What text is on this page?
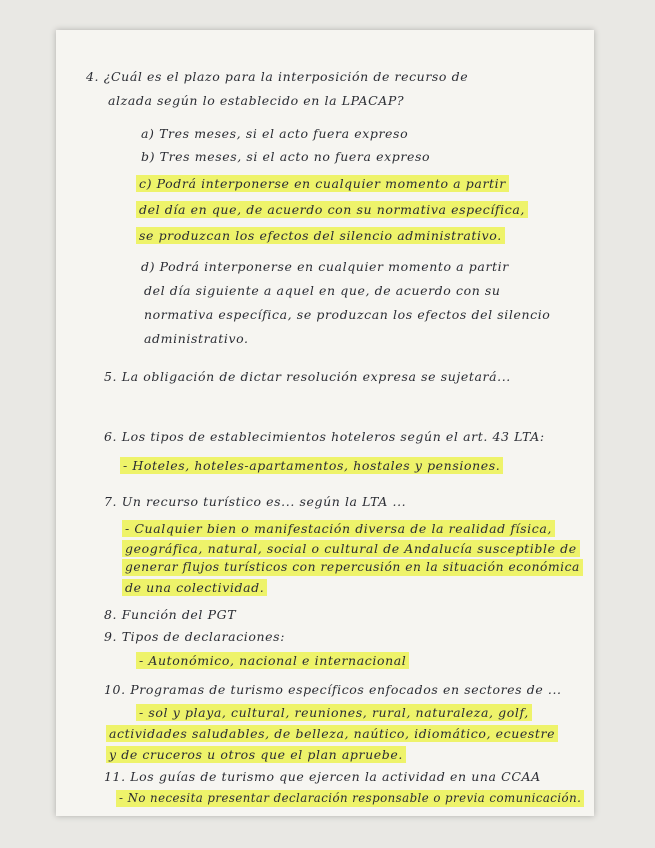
4. ¿Cuál es el plazo para la interposición de recurso de
alzada según lo establecido en la LPACAP?
a) Tres meses, si el acto fuera expreso
b) Tres meses, si el acto no fuera expreso
c) Podrá interponerse en cualquier momento a partir
del día en que, de acuerdo con su normativa específica,
se produzcan los efectos del silencio administrativo.
d) Podrá interponerse en cualquier momento a partir
del día siguiente a aquel en que, de acuerdo con su
normativa específica, se produzcan los efectos del silencio
administrativo.
5. La obligación de dictar resolución expresa se sujetará...
6. Los tipos de establecimientos hoteleros según el art. 43 LTA:
- Hoteles, hoteles-apartamentos, hostales y pensiones.
7. Un recurso turístico es... según la LTA ...
- Cualquier bien o manifestación diversa de la realidad física,
geográfica, natural, social o cultural de Andalucía susceptible de
generar flujos turísticos con repercusión en la situación económica
de una colectividad.
8. Función del PGT
9. Tipos de declaraciones:
- Autonómico, nacional e internacional
10. Programas de turismo específicos enfocados en sectores de ...
- sol y playa, cultural, reuniones, rural, naturaleza, golf,
actividades saludables, de belleza, naútico, idiomático, ecuestre
y de cruceros u otros que el plan apruebe.
11. Los guías de turismo que ejercen la actividad en una CCAA
- No necesita presentar declaración responsable o previa comunicación.
